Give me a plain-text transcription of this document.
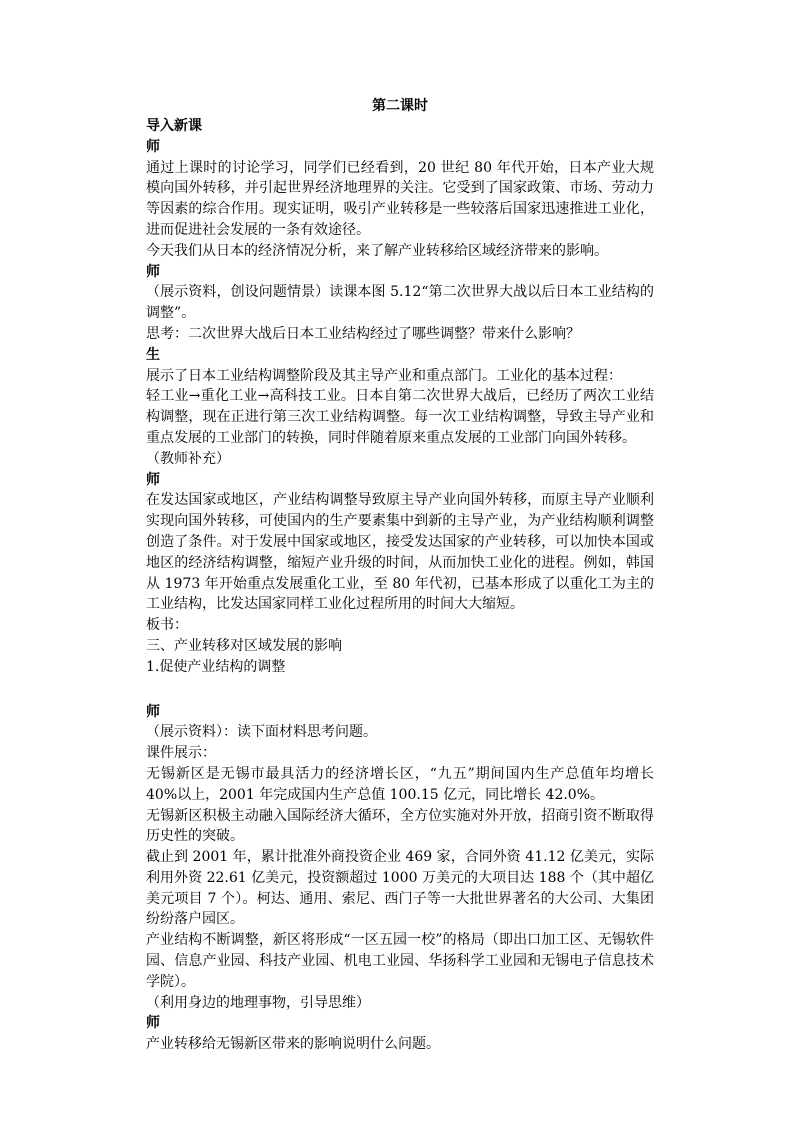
第二课时
导入新课
师
通过上课时的讨论学习，同学们已经看到，20 世纪 80 年代开始，日本产业大规模向国外转移，并引起世界经济地理界的关注。它受到了国家政策、市场、劳动力等因素的综合作用。现实证明，吸引产业转移是一些较落后国家迅速推进工业化，进而促进社会发展的一条有效途径。
今天我们从日本的经济情况分析，来了解产业转移给区域经济带来的影响。
师
（展示资料，创设问题情景）读课本图 5.12“第二次世界大战以后日本工业结构的调整”。
思考：二次世界大战后日本工业结构经过了哪些调整？带来什么影响？
生
展示了日本工业结构调整阶段及其主导产业和重点部门。工业化的基本过程：
轻工业→重化工业→高科技工业。日本自第二次世界大战后，已经历了两次工业结构调整，现在正进行第三次工业结构调整。每一次工业结构调整，导致主导产业和重点发展的工业部门的转换，同时伴随着原来重点发展的工业部门向国外转移。
（教师补充）
师
在发达国家或地区，产业结构调整导致原主导产业向国外转移，而原主导产业顺利实现向国外转移，可使国内的生产要素集中到新的主导产业，为产业结构顺利调整创造了条件。对于发展中国家或地区，接受发达国家的产业转移，可以加快本国或地区的经济结构调整，缩短产业升级的时间，从而加快工业化的进程。例如，韩国从 1973 年开始重点发展重化工业，至 80 年代初，已基本形成了以重化工为主的工业结构，比发达国家同样工业化过程所用的时间大大缩短。
板书：
三、产业转移对区域发展的影响
1.促使产业结构的调整
师
（展示资料）：读下面材料思考问题。
课件展示：
无锡新区是无锡市最具活力的经济增长区，“九五”期间国内生产总值年均增长 40%以上，2001 年完成国内生产总值 100.15 亿元，同比增长 42.0%。
无锡新区积极主动融入国际经济大循环，全方位实施对外开放，招商引资不断取得历史性的突破。
截止到 2001 年，累计批准外商投资企业 469 家，合同外资 41.12 亿美元，实际利用外资 22.61 亿美元，投资额超过 1000 万美元的大项目达 188 个（其中超亿美元项目 7 个）。柯达、通用、索尼、西门子等一大批世界著名的大公司、大集团纷纷落户园区。
产业结构不断调整，新区将形成“一区五园一校”的格局（即出口加工区、无锡软件园、信息产业园、科技产业园、机电工业园、华扬科学工业园和无锡电子信息技术学院）。
（利用身边的地理事物，引导思维）
师
产业转移给无锡新区带来的影响说明什么问题。
